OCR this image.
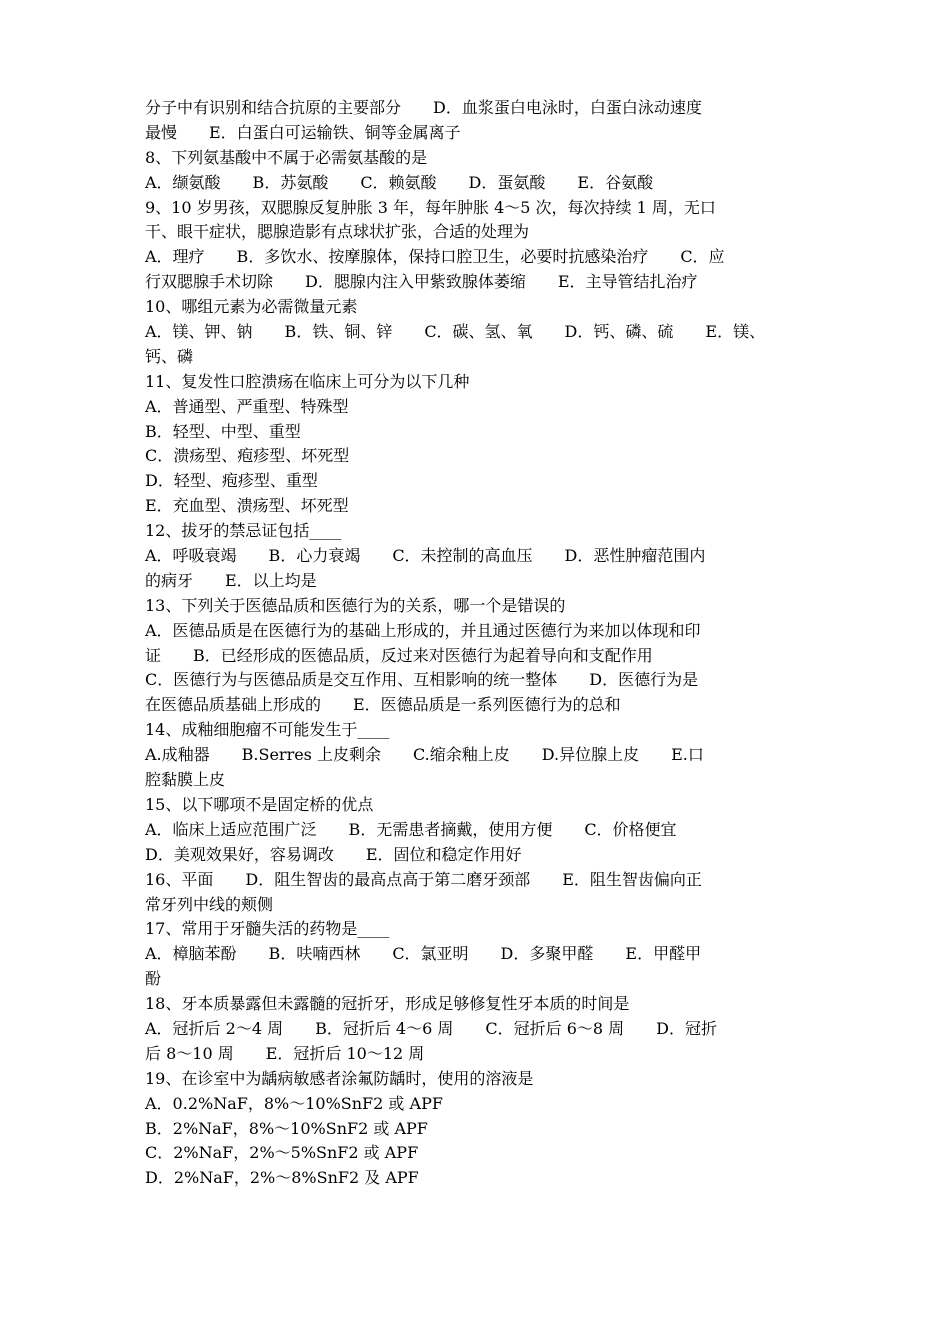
分子中有识别和结合抗原的主要部分　　D．血浆蛋白电泳时，白蛋白泳动速度
最慢　　E．白蛋白可运输铁、铜等金属离子
8、下列氨基酸中不属于必需氨基酸的是
A．缬氨酸　　B．苏氨酸　　C．赖氨酸　　D．蛋氨酸　　E．谷氨酸
9、10 岁男孩，双腮腺反复肿胀 3 年，每年肿胀 4～5 次，每次持续 1 周，无口
干、眼干症状，腮腺造影有点球状扩张，合适的处理为
A．理疗　　B．多饮水、按摩腺体，保持口腔卫生，必要时抗感染治疗　　C．应
行双腮腺手术切除　　D．腮腺内注入甲紫致腺体萎缩　　E．主导管结扎治疗
10、哪组元素为必需微量元素
A．镁、钾、钠　　B．铁、铜、锌　　C．碳、氢、氧　　D．钙、磷、硫　　E．镁、
钙、磷
11、复发性口腔溃疡在临床上可分为以下几种
A．普通型、严重型、特殊型
B．轻型、中型、重型
C．溃疡型、疱疹型、坏死型
D．轻型、疱疹型、重型
E．充血型、溃疡型、坏死型
12、拔牙的禁忌证包括____
A．呼吸衰竭　　B．心力衰竭　　C．未控制的高血压　　D．恶性肿瘤范围内
的病牙　　E．以上均是
13、下列关于医德品质和医德行为的关系，哪一个是错误的
A．医德品质是在医德行为的基础上形成的，并且通过医德行为来加以体现和印
证　　B．已经形成的医德品质，反过来对医德行为起着导向和支配作用
C．医德行为与医德品质是交互作用、互相影响的统一整体　　D．医德行为是
在医德品质基础上形成的　　E．医德品质是一系列医德行为的总和
14、成釉细胞瘤不可能发生于____
A.成釉器　　B.Serres 上皮剩余　　C.缩余釉上皮　　D.异位腺上皮　　E.口
腔黏膜上皮
15、以下哪项不是固定桥的优点
A．临床上适应范围广泛　　B．无需患者摘戴，使用方便　　C．价格便宜
D．美观效果好，容易调改　　E．固位和稳定作用好
16、平面　　D．阻生智齿的最高点高于第二磨牙颈部　　E．阻生智齿偏向正
常牙列中线的颊侧
17、常用于牙髓失活的药物是____
A．樟脑苯酚　　B．呋喃西林　　C．氯亚明　　D．多聚甲醛　　E．甲醛甲
酚
18、牙本质暴露但未露髓的冠折牙，形成足够修复性牙本质的时间是
A．冠折后 2～4 周　　B．冠折后 4～6 周　　C．冠折后 6～8 周　　D．冠折
后 8～10 周　　E．冠折后 10～12 周
19、在诊室中为龋病敏感者涂氟防龋时，使用的溶液是
A．0.2%NaF，8%～10%SnF2 或 APF
B．2%NaF，8%～10%SnF2 或 APF
C．2%NaF，2%～5%SnF2 或 APF
D．2%NaF，2%～8%SnF2 及 APF
